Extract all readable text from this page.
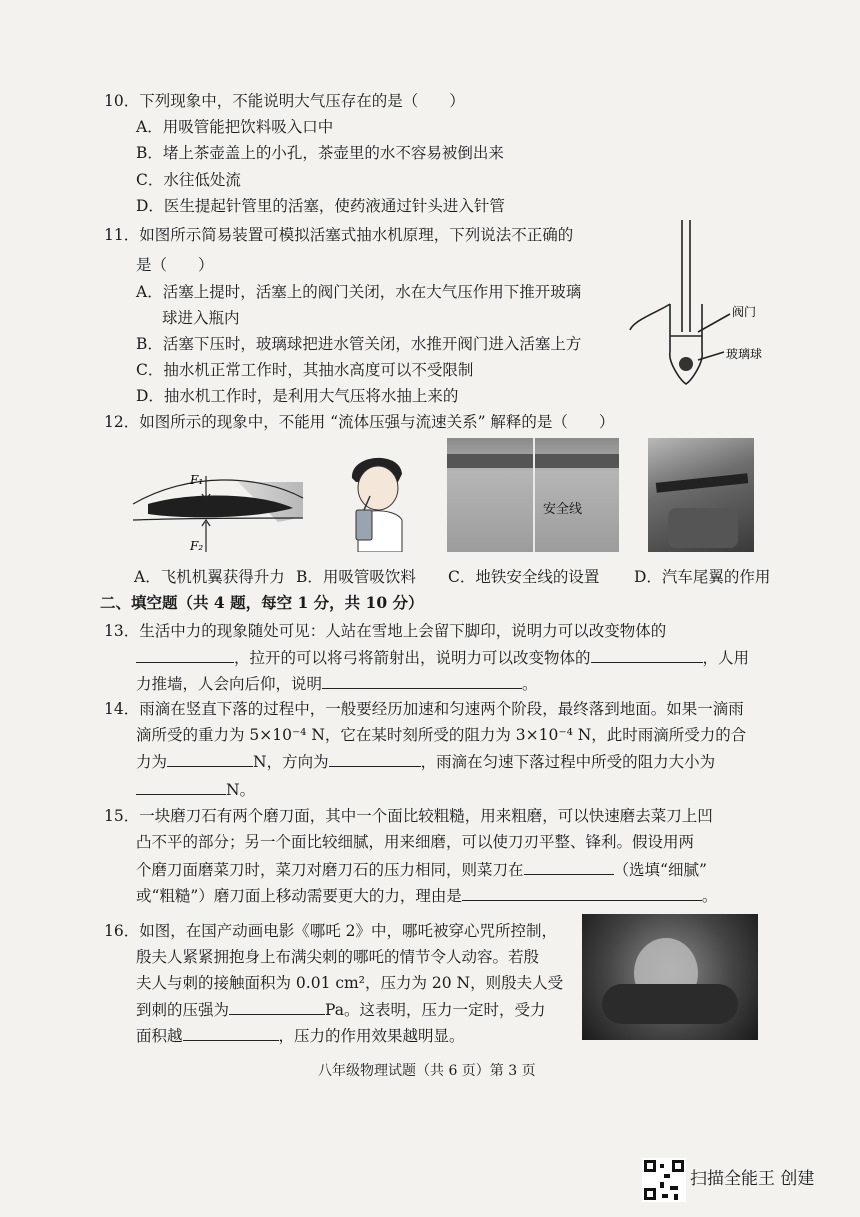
10．下列现象中，不能说明大气压存在的是（　　）
A．用吸管能把饮料吸入口中
B．堵上茶壶盖上的小孔，茶壶里的水不容易被倒出来
C．水往低处流
D．医生提起针管里的活塞，使药液通过针头进入针管
11．如图所示简易装置可模拟活塞式抽水机原理，下列说法不正确的
是（　　）
A．活塞上提时，活塞上的阀门关闭，水在大气压作用下推开玻璃
球进入瓶内
B．活塞下压时，玻璃球把进水管关闭，水推开阀门进入活塞上方
C．抽水机正常工作时，其抽水高度可以不受限制
D．抽水机工作时，是利用大气压将水抽上来的
阀门
玻璃球
12．如图所示的现象中，不能用 “流体压强与流速关系” 解释的是（　　）
F₁
F₂
安全线
A．飞机机翼获得升力 B．用吸管吸饮料 C．地铁安全线的设置 D．汽车尾翼的作用
二、填空题（共 4 题，每空 1 分，共 10 分）
13．生活中力的现象随处可见：人站在雪地上会留下脚印，说明力可以改变物体的
，拉开的可以将弓将箭射出，说明力可以改变物体的	，人用
力推墙，人会向后仰，说明	。
14．雨滴在竖直下落的过程中，一般要经历加速和匀速两个阶段，最终落到地面。如果一滴雨
滴所受的重力为 5×10⁻⁴ N，它在某时刻所受的阻力为 3×10⁻⁴ N，此时雨滴所受力的合
力为	N，方向为	，雨滴在匀速下落过程中所受的阻力大小为
N。
15．一块磨刀石有两个磨刀面，其中一个面比较粗糙，用来粗磨，可以快速磨去菜刀上凹
凸不平的部分；另一个面比较细腻，用来细磨，可以使刀刃平整、锋利。假设用两
个磨刀面磨菜刀时，菜刀对磨刀石的压力相同，则菜刀在	（选填“细腻”
或“粗糙”）磨刀面上移动需要更大的力，理由是	。
16．如图，在国产动画电影《哪吒 2》中，哪吒被穿心咒所控制，
殷夫人紧紧拥抱身上布满尖刺的哪吒的情节令人动容。若殷
夫人与刺的接触面积为 0.01 cm²，压力为 20 N，则殷夫人受
到刺的压强为	Pa。这表明，压力一定时，受力
面积越	，压力的作用效果越明显。
八年级物理试题（共 6 页）第 3 页
扫描全能王 创建
